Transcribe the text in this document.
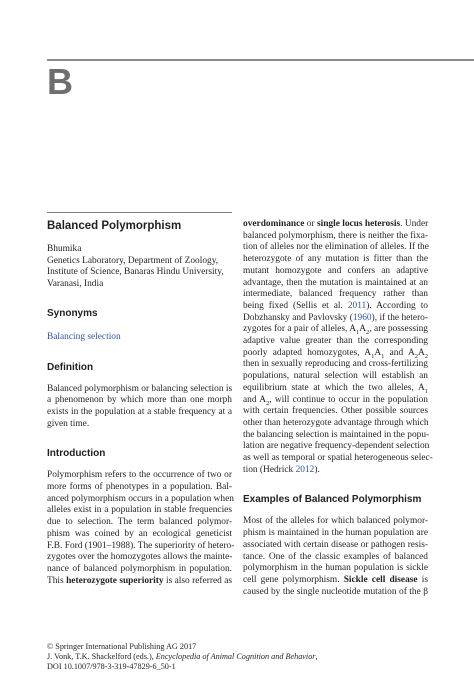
B
Balanced Polymorphism

Bhumika

Genetics Laboratory, Department of Zoology,

Institute of Science, Banaras Hindu University,

Varanasi, India

Synonyms

Balancing selection

Definition

Balanced polymorphism or balancing selection is

a phenomenon by which more than one morph

exists in the population at a stable frequency at a

given time.

Introduction

Polymorphism refers to the occurrence of two or

more forms of phenotypes in a population. Bal-

anced polymorphism occurs in a population when

alleles exist in a population in stable frequencies

due to selection. The term balanced polymor-

phism was coined by an ecological geneticist

F.B. Ford (1901–1988). The superiority of hetero-

zygotes over the homozygotes allows the mainte-

nance of balanced polymorphism in population.

This heterozygote superiority is also referred as

overdominance or single locus heterosis. Under

balanced polymorphism, there is neither the fixa-

tion of alleles nor the elimination of alleles. If the

heterozygote of any mutation is fitter than the

mutant homozygote and confers an adaptive

advantage, then the mutation is maintained at an

intermediate, balanced frequency rather than

being fixed (Sellis et al. 2011). According to

Dobzhansky and Pavlovsky (1960), if the hetero-

zygotes for a pair of alleles, $A_1A_2$, are possessing

adaptive value greater than the corresponding

poorly adapted homozygotes, $A_1A_1$ and $A_2A_2$

then in sexually reproducing and cross-fertilizing

populations, natural selection will establish an

equilibrium state at which the two alleles, $A_1$

and $A_2$, will continue to occur in the population

with certain frequencies. Other possible sources

other than heterozygote advantage through which

the balancing selection is maintained in the popu-

lation are negative frequency-dependent selection

as well as temporal or spatial heterogeneous selec-

tion (Hedrick 2012).

Examples of Balanced Polymorphism

Most of the alleles for which balanced polymor-

phism is maintained in the human population are

associated with certain disease or pathogen resis-

tance. One of the classic examples of balanced

polymorphism in the human population is sickle

cell gene polymorphism. Sickle cell disease is

caused by the single nucleotide mutation of the β

© Springer International Publishing AG 2017

J. Vonk, T.K. Shackelford (eds.), Encyclopedia of Animal Cognition and Behavior,

DOI 10.1007/978-3-319-47829-6_50-1
